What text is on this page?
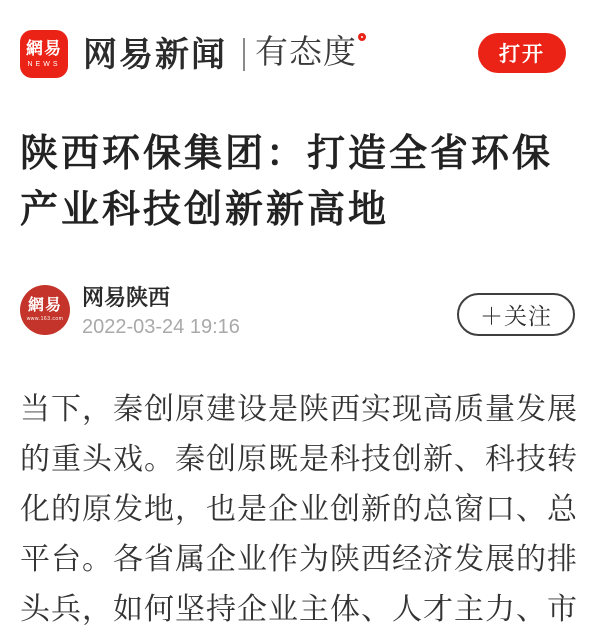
網易
NEWS 网易新闻 有态度	打开
陕西环保集团：打造全省环保
产业科技创新新高地
網易
www.163.com
网易陕西
2022-03-24 19:16	＋关注
当下，秦创原建设是陕西实现高质量发展
的重头戏。秦创原既是科技创新、科技转
化的原发地，也是企业创新的总窗口、总
平台。各省属企业作为陕西经济发展的排
头兵，如何坚持企业主体、人才主力、市
